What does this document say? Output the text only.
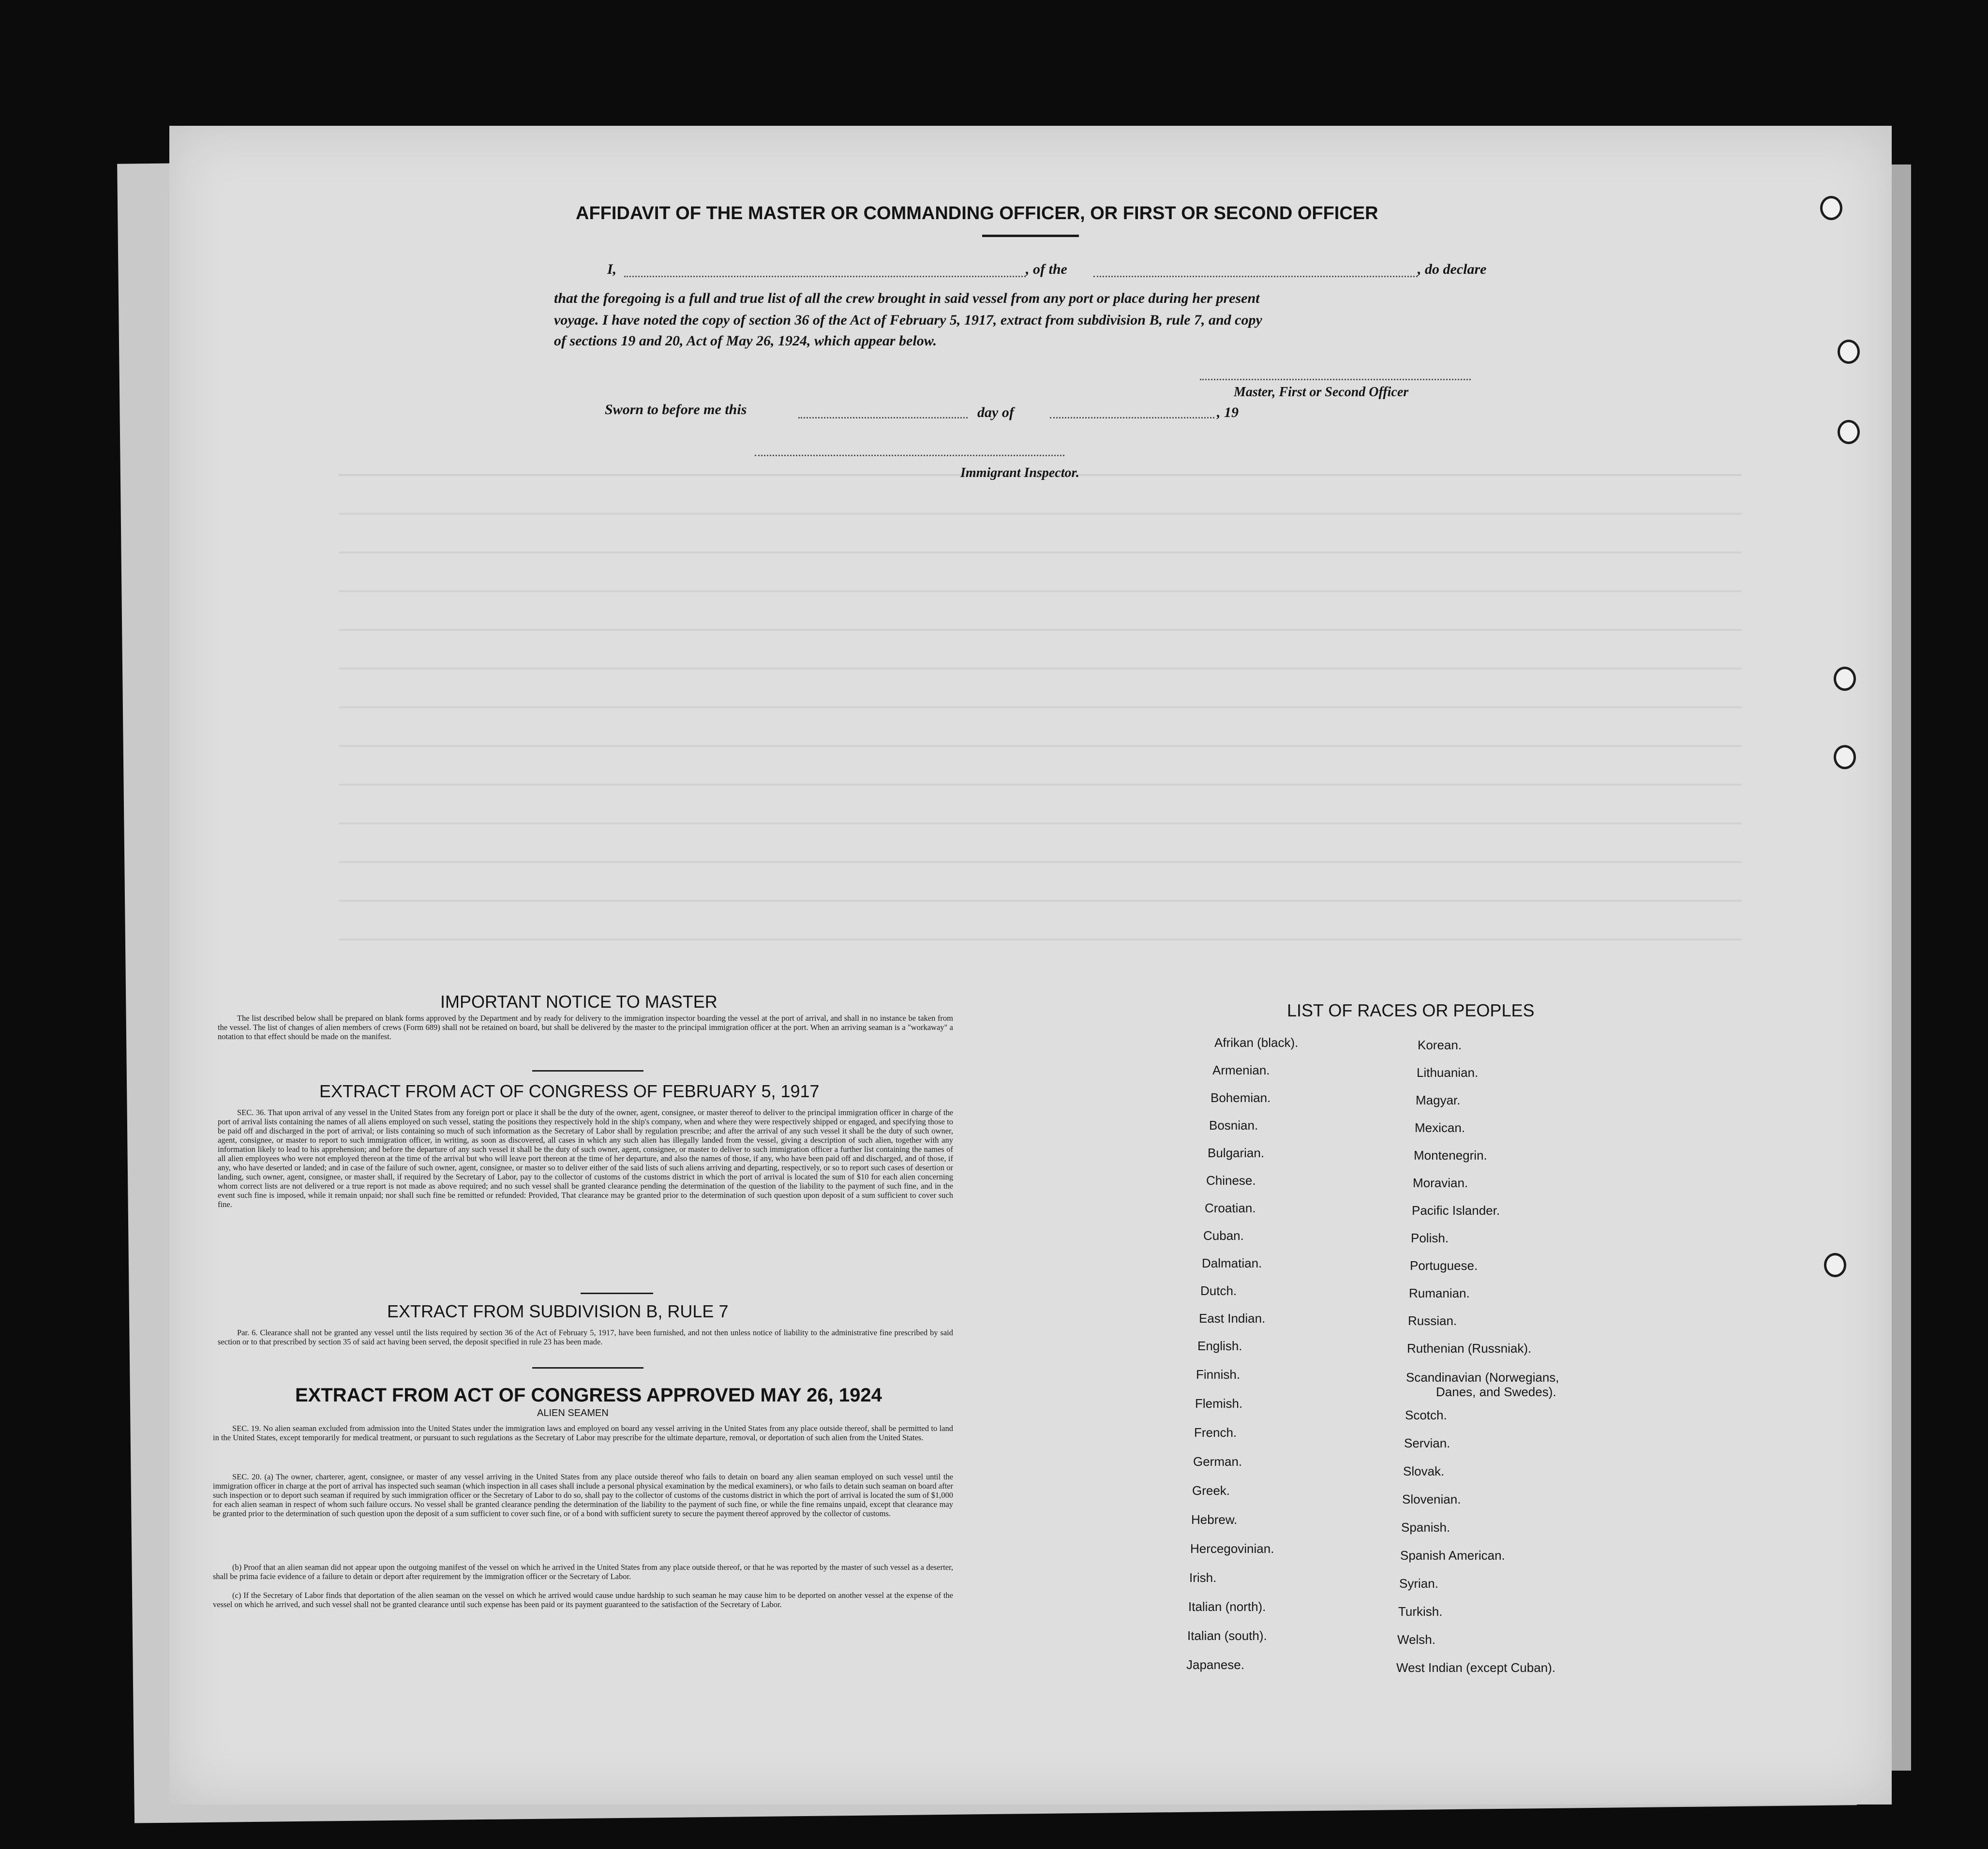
AFFIDAVIT OF THE MASTER OR COMMANDING OFFICER, OR FIRST OR SECOND OFFICER
I,	, of the	, do declare
that the foregoing is a full and true list of all the crew brought in said vessel from any port or place during her present
voyage. I have noted the copy of section 36 of the Act of February 5, 1917, extract from subdivision B, rule 7, and copy
of sections 19 and 20, Act of May 26, 1924, which appear below.
Master, First or Second Officer
Sworn to before me this	day of	, 19
Immigrant Inspector.
IMPORTANT NOTICE TO MASTER
The list described below shall be prepared on blank forms approved by the Department and by ready for delivery to the immigration inspector boarding the vessel at the port of arrival, and shall in no instance be taken from the vessel. The list of changes of alien members of crews (Form 689) shall not be retained on board, but shall be delivered by the master to the principal immigration officer at the port. When an arriving seaman is a "workaway" a notation to that effect should be made on the manifest.
EXTRACT FROM ACT OF CONGRESS OF FEBRUARY 5, 1917
SEC. 36. That upon arrival of any vessel in the United States from any foreign port or place it shall be the duty of the owner, agent, consignee, or master thereof to deliver to the principal immigration officer in charge of the port of arrival lists containing the names of all aliens employed on such vessel, stating the positions they respectively hold in the ship's company, when and where they were respectively shipped or engaged, and specifying those to be paid off and discharged in the port of arrival; or lists containing so much of such information as the Secretary of Labor shall by regulation prescribe; and after the arrival of any such vessel it shall be the duty of such owner, agent, consignee, or master to report to such immigration officer, in writing, as soon as discovered, all cases in which any such alien has illegally landed from the vessel, giving a description of such alien, together with any information likely to lead to his apprehension; and before the departure of any such vessel it shall be the duty of such owner, agent, consignee, or master to deliver to such immigration officer a further list containing the names of all alien employees who were not employed thereon at the time of the arrival but who will leave port thereon at the time of her departure, and also the names of those, if any, who have been paid off and discharged, and of those, if any, who have deserted or landed; and in case of the failure of such owner, agent, consignee, or master so to deliver either of the said lists of such aliens arriving and departing, respectively, or so to report such cases of desertion or landing, such owner, agent, consignee, or master shall, if required by the Secretary of Labor, pay to the collector of customs of the customs district in which the port of arrival is located the sum of $10 for each alien concerning whom correct lists are not delivered or a true report is not made as above required; and no such vessel shall be granted clearance pending the determination of the question of the liability to the payment of such fine, and in the event such fine is imposed, while it remain unpaid; nor shall such fine be remitted or refunded: Provided, That clearance may be granted prior to the determination of such question upon deposit of a sum sufficient to cover such fine.
EXTRACT FROM SUBDIVISION B, RULE 7
Par. 6. Clearance shall not be granted any vessel until the lists required by section 36 of the Act of February 5, 1917, have been furnished, and not then unless notice of liability to the administrative fine prescribed by said section or to that prescribed by section 35 of said act having been served, the deposit specified in rule 23 has been made.
EXTRACT FROM ACT OF CONGRESS APPROVED MAY 26, 1924
ALIEN SEAMEN
SEC. 19. No alien seaman excluded from admission into the United States under the immigration laws and employed on board any vessel arriving in the United States from any place outside thereof, shall be permitted to land in the United States, except temporarily for medical treatment, or pursuant to such regulations as the Secretary of Labor may prescribe for the ultimate departure, removal, or deportation of such alien from the United States.
SEC. 20. (a) The owner, charterer, agent, consignee, or master of any vessel arriving in the United States from any place outside thereof who fails to detain on board any alien seaman employed on such vessel until the immigration officer in charge at the port of arrival has inspected such seaman (which inspection in all cases shall include a personal physical examination by the medical examiners), or who fails to detain such seaman on board after such inspection or to deport such seaman if required by such immigration officer or the Secretary of Labor to do so, shall pay to the collector of customs of the customs district in which the port of arrival is located the sum of $1,000 for each alien seaman in respect of whom such failure occurs. No vessel shall be granted clearance pending the determination of the liability to the payment of such fine, or while the fine remains unpaid, except that clearance may be granted prior to the determination of such question upon the deposit of a sum sufficient to cover such fine, or of a bond with sufficient surety to secure the payment thereof approved by the collector of customs.
(b) Proof that an alien seaman did not appear upon the outgoing manifest of the vessel on which he arrived in the United States from any place outside thereof, or that he was reported by the master of such vessel as a deserter, shall be prima facie evidence of a failure to detain or deport after requirement by the immigration officer or the Secretary of Labor.
(c) If the Secretary of Labor finds that deportation of the alien seaman on the vessel on which he arrived would cause undue hardship to such seaman he may cause him to be deported on another vessel at the expense of the vessel on which he arrived, and such vessel shall not be granted clearance until such expense has been paid or its payment guaranteed to the satisfaction of the Secretary of Labor.
LIST OF RACES OR PEOPLES
Afrikan (black).
Armenian.
Bohemian.
Bosnian.
Bulgarian.
Chinese.
Croatian.
Cuban.
Dalmatian.
Dutch.
East Indian.
English.
Finnish.
Flemish.
French.
German.
Greek.
Hebrew.
Hercegovinian.
Irish.
Italian (north).
Italian (south).
Japanese.
Korean.
Lithuanian.
Magyar.
Mexican.
Montenegrin.
Moravian.
Pacific Islander.
Polish.
Portuguese.
Rumanian.
Russian.
Ruthenian (Russniak).
Scandinavian (Norwegians,
Danes, and Swedes).
Scotch.
Servian.
Slovak.
Slovenian.
Spanish.
Spanish American.
Syrian.
Turkish.
Welsh.
West Indian (except Cuban).
